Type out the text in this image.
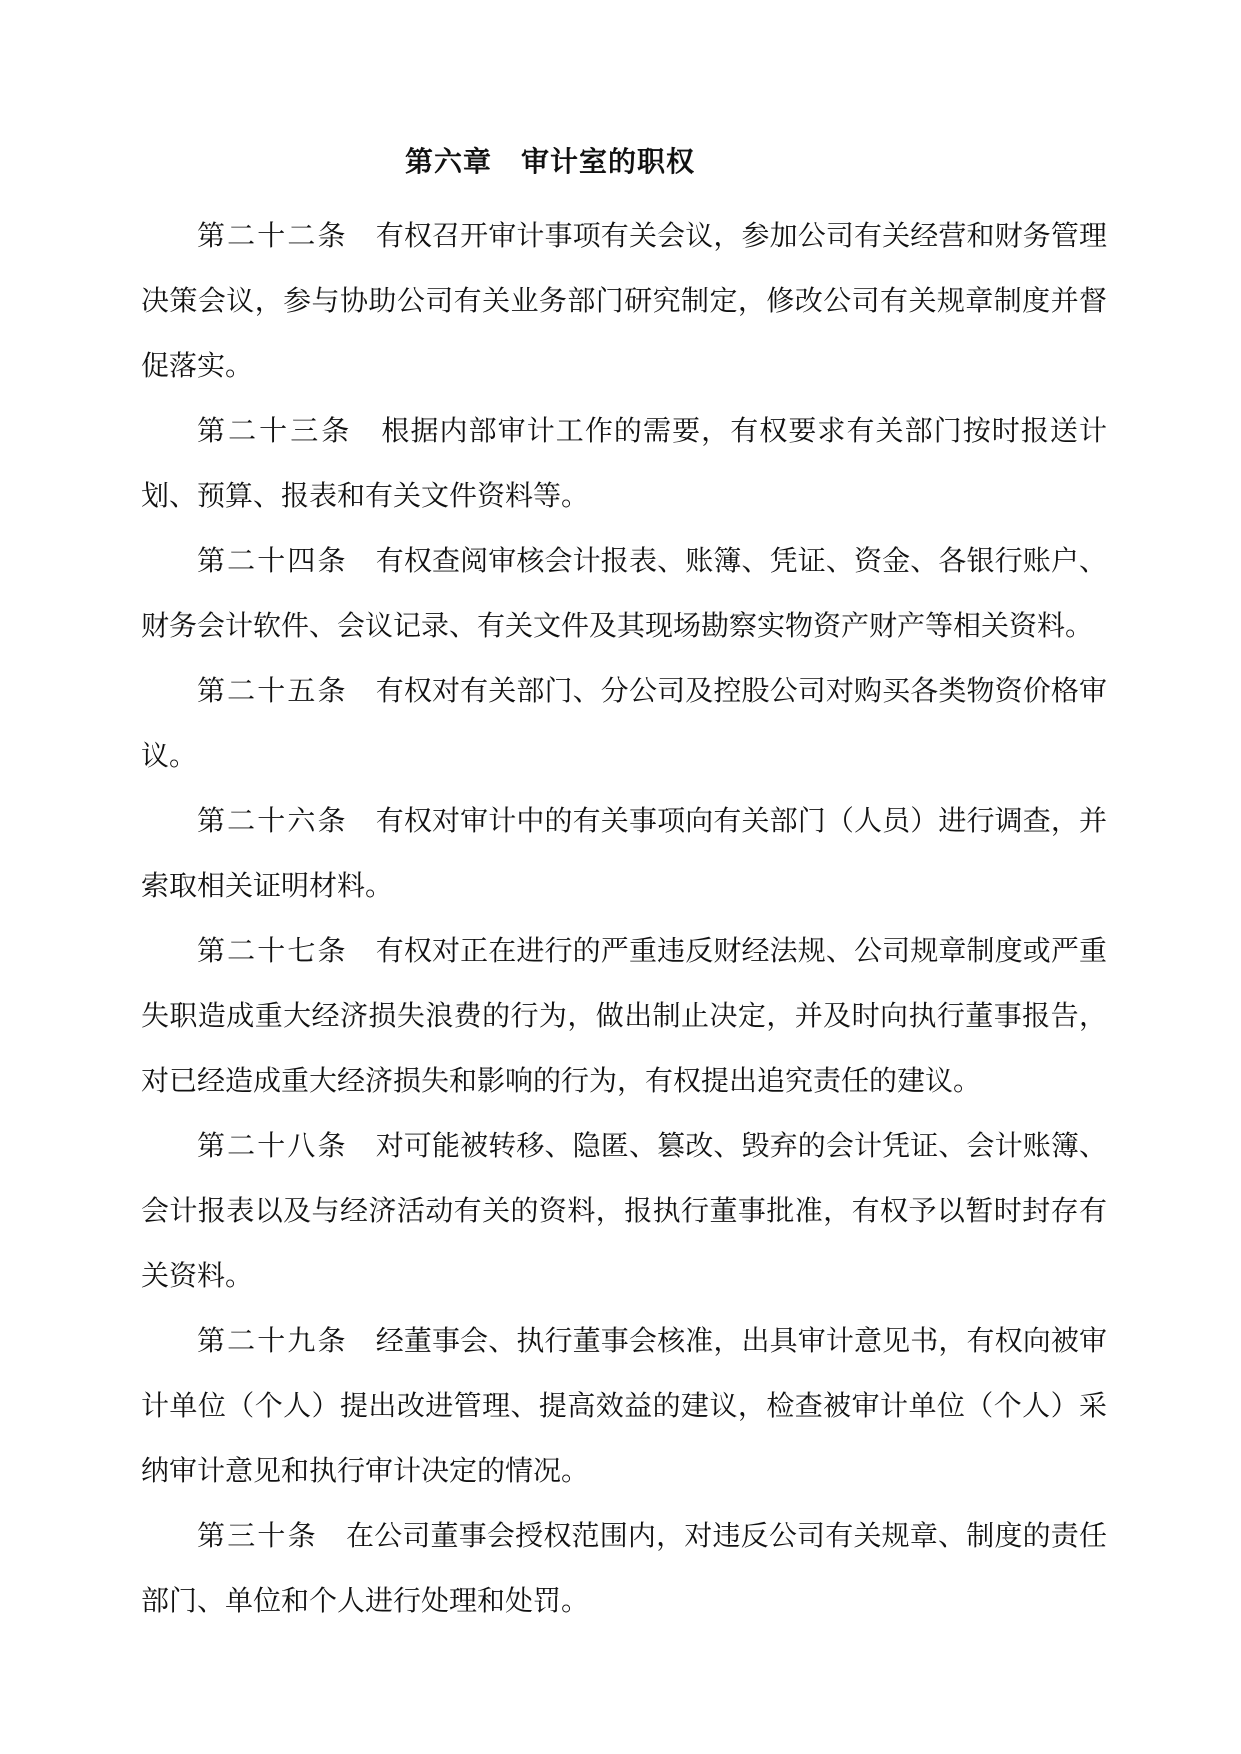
第六章　审计室的职权

第二十二条 有权召开审计事项有关会议，参加公司有关经营和财务管理决策会议，参与协助公司有关业务部门研究制定，修改公司有关规章制度并督促落实。

第二十三条 根据内部审计工作的需要，有权要求有关部门按时报送计划、预算、报表和有关文件资料等。

第二十四条 有权查阅审核会计报表、账簿、凭证、资金、各银行账户、财务会计软件、会议记录、有关文件及其现场勘察实物资产财产等相关资料。

第二十五条 有权对有关部门、分公司及控股公司对购买各类物资价格审议。

第二十六条 有权对审计中的有关事项向有关部门（人员）进行调查，并索取相关证明材料。

第二十七条 有权对正在进行的严重违反财经法规、公司规章制度或严重失职造成重大经济损失浪费的行为，做出制止决定，并及时向执行董事报告，对已经造成重大经济损失和影响的行为，有权提出追究责任的建议。

第二十八条 对可能被转移、隐匿、篡改、毁弃的会计凭证、会计账簿、会计报表以及与经济活动有关的资料，报执行董事批准，有权予以暂时封存有关资料。

第二十九条 经董事会、执行董事会核准，出具审计意见书，有权向被审计单位（个人）提出改进管理、提高效益的建议，检查被审计单位（个人）采纳审计意见和执行审计决定的情况。

第三十条 在公司董事会授权范围内，对违反公司有关规章、制度的责任部门、单位和个人进行处理和处罚。
